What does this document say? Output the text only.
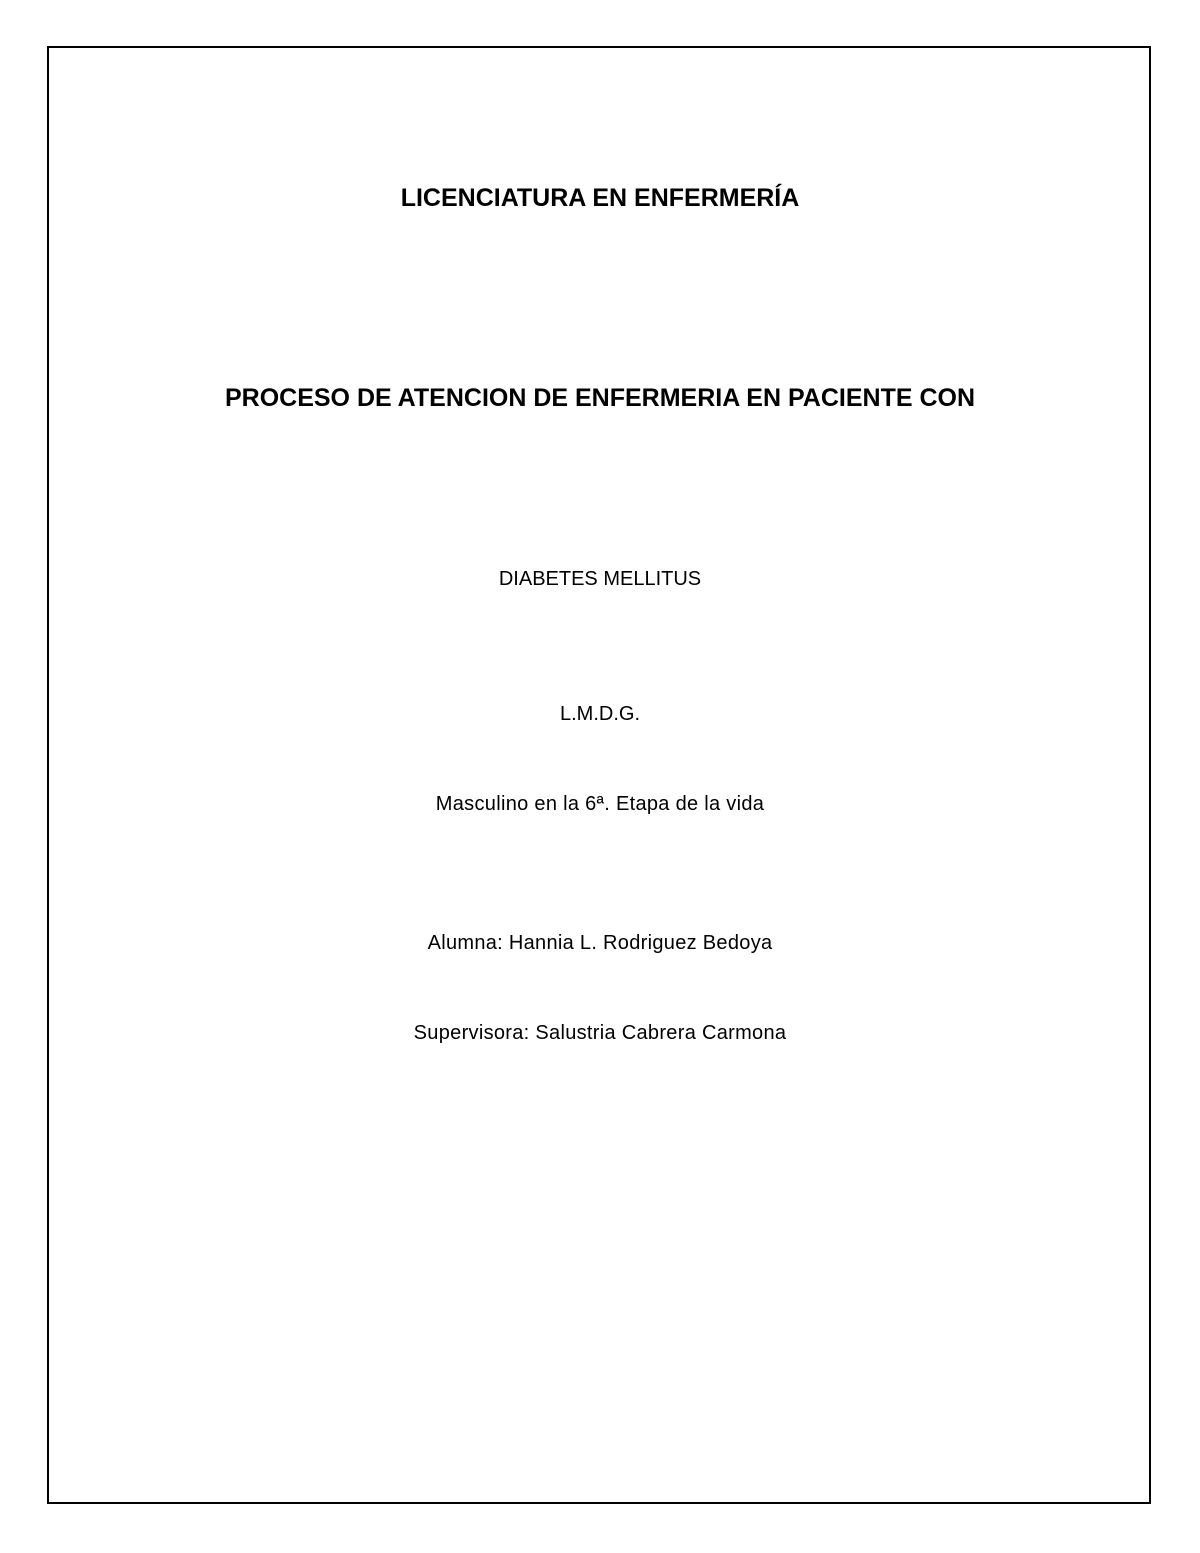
LICENCIATURA EN ENFERMERÍA
PROCESO DE ATENCION DE ENFERMERIA EN PACIENTE CON
DIABETES MELLITUS
L.M.D.G.
Masculino en la 6ª. Etapa de la vida
Alumna: Hannia L. Rodriguez Bedoya
Supervisora: Salustria Cabrera Carmona
